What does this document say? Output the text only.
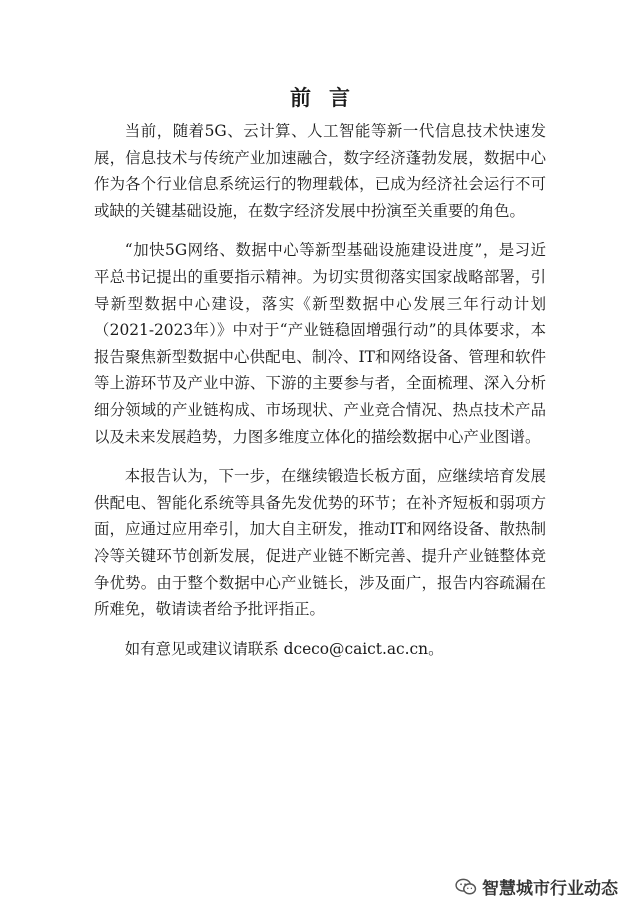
前言

当前，随着5G、云计算、人工智能等新一代信息技术快速发展，信息技术与传统产业加速融合，数字经济蓬勃发展，数据中心作为各个行业信息系统运行的物理载体，已成为经济社会运行不可或缺的关键基础设施，在数字经济发展中扮演至关重要的角色。

“加快5G网络、数据中心等新型基础设施建设进度”，是习近平总书记提出的重要指示精神。为切实贯彻落实国家战略部署，引导新型数据中心建设，落实《新型数据中心发展三年行动计划（2021-2023年）》中对于“产业链稳固增强行动”的具体要求，本报告聚焦新型数据中心供配电、制冷、IT和网络设备、管理和软件等上游环节及产业中游、下游的主要参与者，全面梳理、深入分析细分领域的产业链构成、市场现状、产业竞合情况、热点技术产品以及未来发展趋势，力图多维度立体化的描绘数据中心产业图谱。

本报告认为，下一步，在继续锻造长板方面，应继续培育发展供配电、智能化系统等具备先发优势的环节；在补齐短板和弱项方面，应通过应用牵引，加大自主研发，推动IT和网络设备、散热制冷等关键环节创新发展，促进产业链不断完善、提升产业链整体竞争优势。由于整个数据中心产业链长，涉及面广，报告内容疏漏在所难免，敬请读者给予批评指正。

如有意见或建议请联系 dceco@caict.ac.cn。

智慧城市行业动态
